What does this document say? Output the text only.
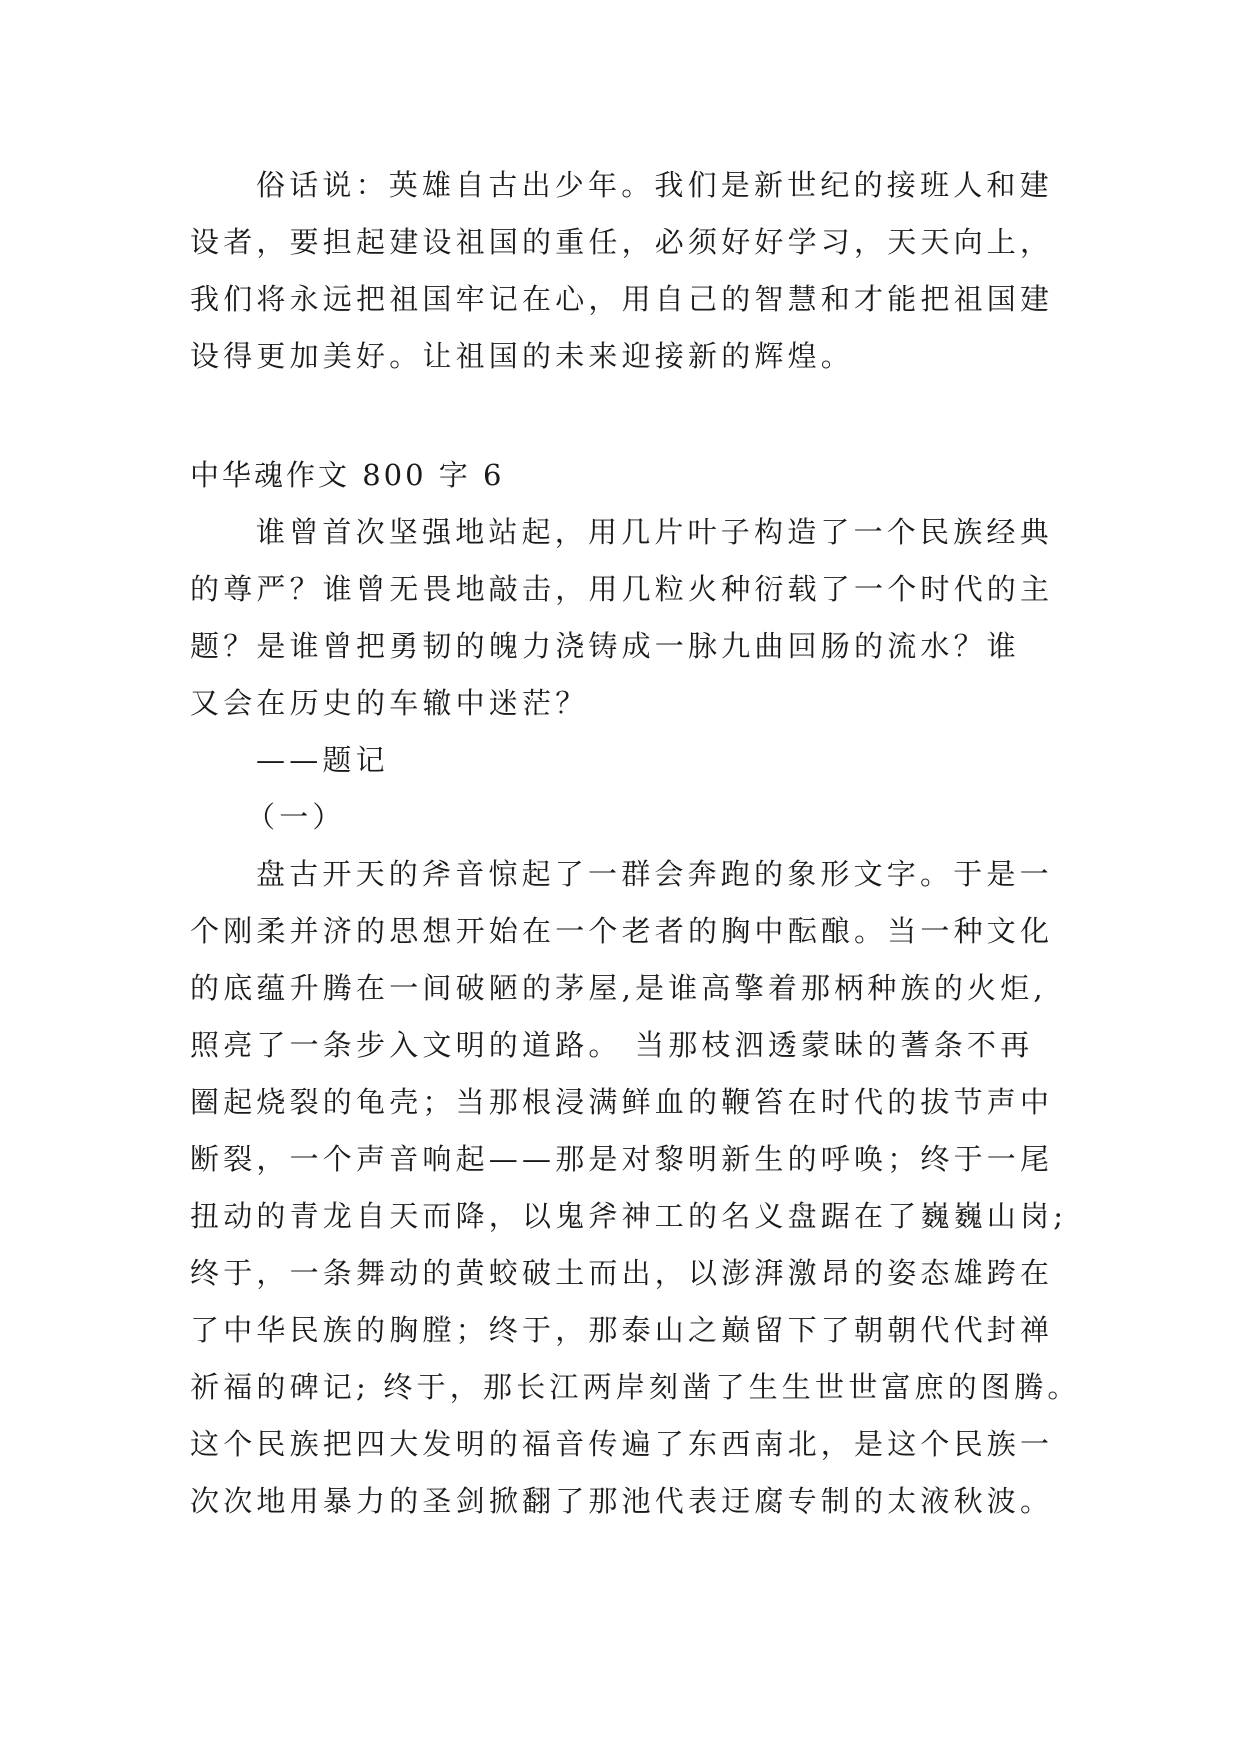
俗话说：英雄自古出少年。我们是新世纪的接班人和建
设者，要担起建设祖国的重任，必须好好学习，天天向上，
我们将永远把祖国牢记在心，用自己的智慧和才能把祖国建
设得更加美好。让祖国的未来迎接新的辉煌。
中华魂作文 800 字 6
谁曾首次坚强地站起，用几片叶子构造了一个民族经典
的尊严？谁曾无畏地敲击，用几粒火种衍载了一个时代的主
题？是谁曾把勇韧的魄力浇铸成一脉九曲回肠的流水？谁
又会在历史的车辙中迷茫？
——题记
（一）
盘古开天的斧音惊起了一群会奔跑的象形文字。于是一
个刚柔并济的思想开始在一个老者的胸中酝酿。当一种文化
的底蕴升腾在一间破陋的茅屋,是谁高擎着那柄种族的火炬,
照亮了一条步入文明的道路。 当那枝泗透蒙昧的蓍条不再
圈起烧裂的龟壳；当那根浸满鲜血的鞭笞在时代的拔节声中
断裂，一个声音响起——那是对黎明新生的呼唤；终于一尾
扭动的青龙自天而降，以鬼斧神工的名义盘踞在了巍巍山岗;
终于，一条舞动的黄蛟破土而出，以澎湃激昂的姿态雄跨在
了中华民族的胸膛；终于，那泰山之巅留下了朝朝代代封禅
祈福的碑记; 终于，那长江两岸刻凿了生生世世富庶的图腾。
这个民族把四大发明的福音传遍了东西南北，是这个民族一
次次地用暴力的圣剑掀翻了那池代表迂腐专制的太液秋波。
